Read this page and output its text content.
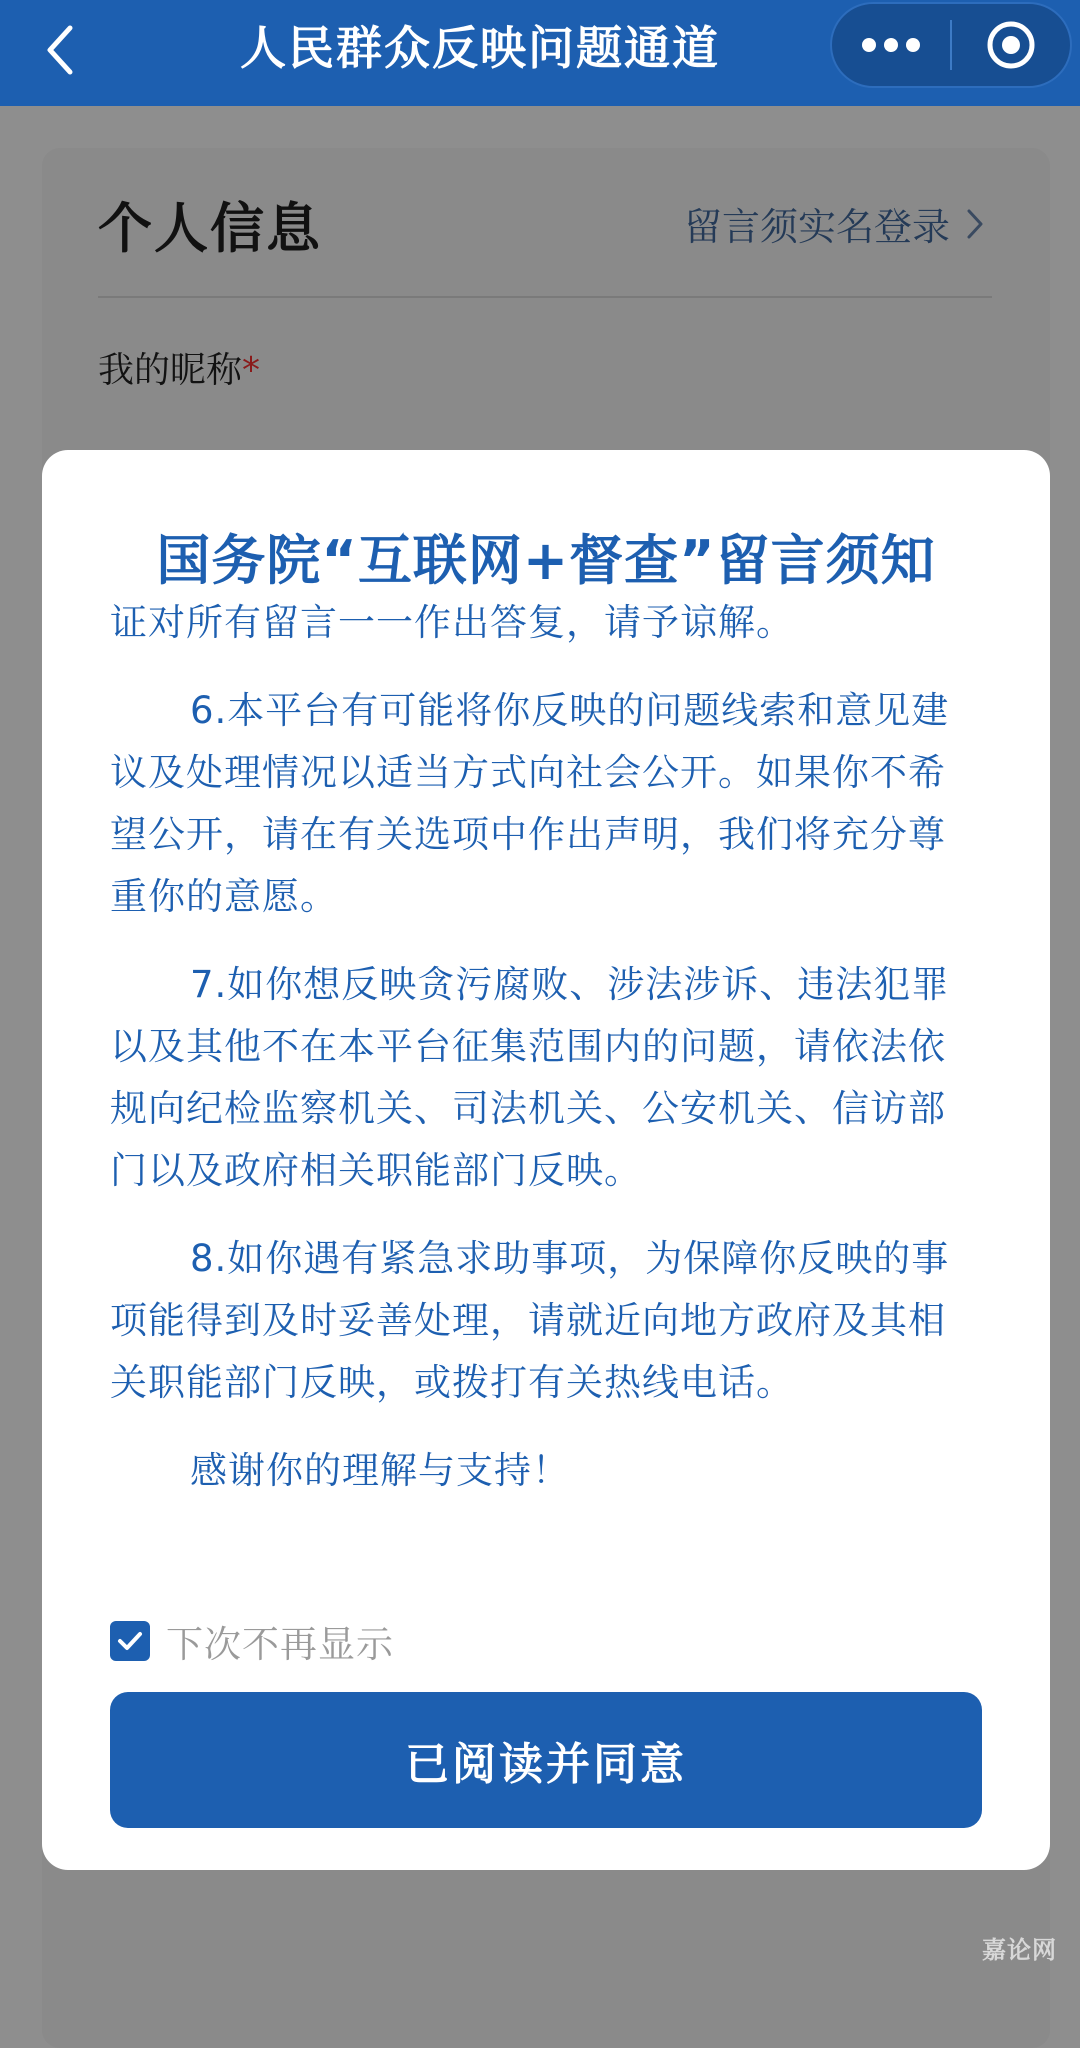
人民群众反映问题通道
个人信息	留言须实名登录
我的昵称*
国务院“互联网+督查”留言须知

证对所有留言一一作出答复，请予谅解。

6.本平台有可能将你反映的问题线索和意见建议及处理情况以适当方式向社会公开。如果你不希望公开，请在有关选项中作出声明，我们将充分尊重你的意愿。

7.如你想反映贪污腐败、涉法涉诉、违法犯罪以及其他不在本平台征集范围内的问题，请依法依规向纪检监察机关、司法机关、公安机关、信访部门以及政府相关职能部门反映。

8.如你遇有紧急求助事项，为保障你反映的事项能得到及时妥善处理，请就近向地方政府及其相关职能部门反映，或拨打有关热线电话。

感谢你的理解与支持！

下次不再显示
已阅读并同意
嘉论网
